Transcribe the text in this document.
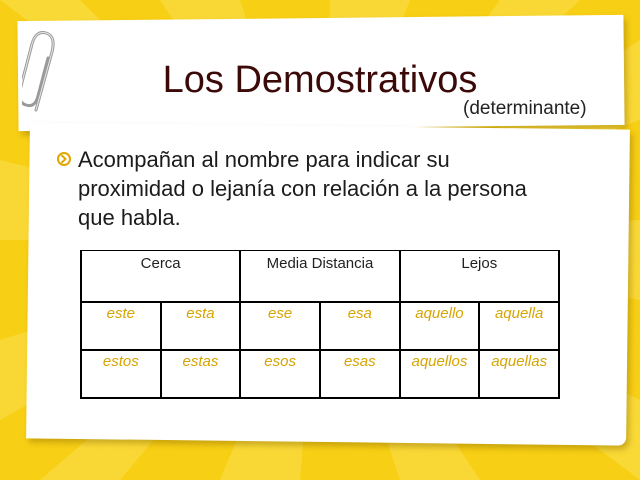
Los Demostrativos
(determinante)
Acompañan al nombre para indicar su proximidad o lejanía con relación a la persona que habla.
Cerca		Media Distancia		Lejos	
este	esta	ese	esa	aquello	aquella
estos	estas	esos	esas	aquellos	aquellas
